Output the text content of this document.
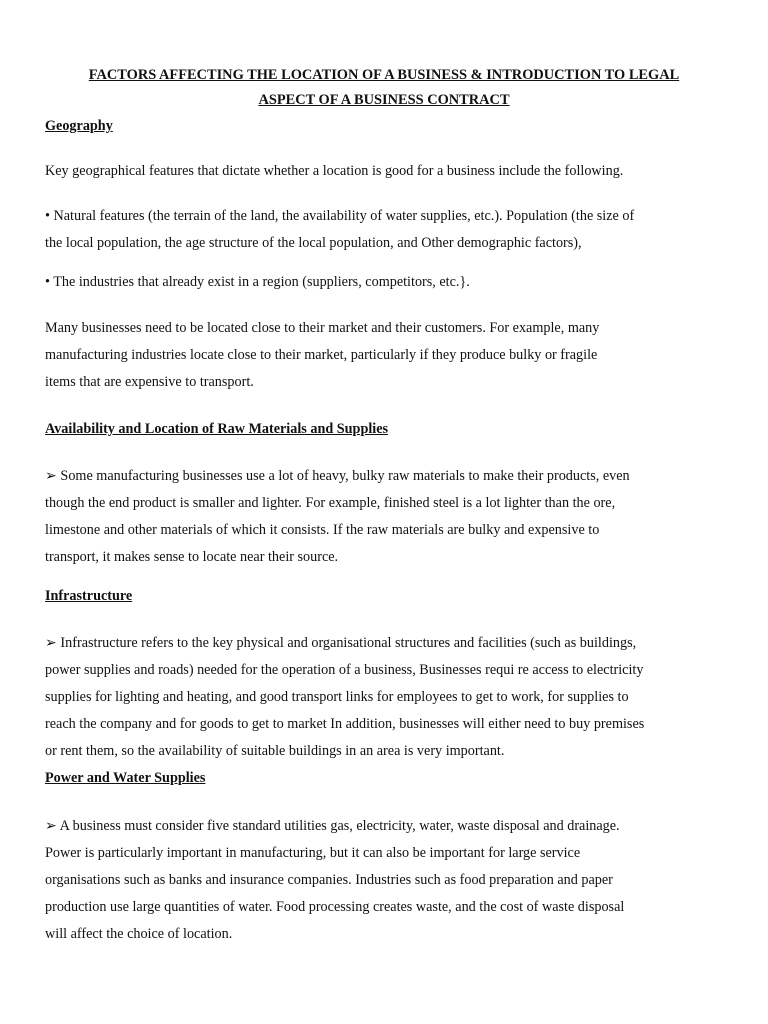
FACTORS AFFECTING THE LOCATION OF A BUSINESS & INTRODUCTION TO LEGAL
ASPECT OF A BUSINESS CONTRACT
Geography
Key geographical features that dictate whether a location is good for a business include the following.
• Natural features (the terrain of the land, the availability of water supplies, etc.). Population (the size of
the local population, the age structure of the local population, and Other demographic factors),
• The industries that already exist in a region (suppliers, competitors, etc.}.
Many businesses need to be located close to their market and their customers. For example, many
manufacturing industries locate close to their market, particularly if they produce bulky or fragile
items that are expensive to transport.
Availability and Location of Raw Materials and Supplies
➢ Some manufacturing businesses use a lot of heavy, bulky raw materials to make their products, even
though the end product is smaller and lighter. For example, finished steel is a lot lighter than the ore,
limestone and other materials of which it consists. If the raw materials are bulky and expensive to
transport, it makes sense to locate near their source.
Infrastructure
➢ Infrastructure refers to the key physical and organisational structures and facilities (such as buildings,
power supplies and roads) needed for the operation of a business, Businesses requi re access to electricity
supplies for lighting and heating, and good transport links for employees to get to work, for supplies to
reach the company and for goods to get to market In addition, businesses will either need to buy premises
or rent them, so the availability of suitable buildings in an area is very important.
Power and Water Supplies
➢ A business must consider five standard utilities gas, electricity, water, waste disposal and drainage.
Power is particularly important in manufacturing, but it can also be important for large service
organisations such as banks and insurance companies. Industries such as food preparation and paper
production use large quantities of water. Food processing creates waste, and the cost of waste disposal
will affect the choice of location.
